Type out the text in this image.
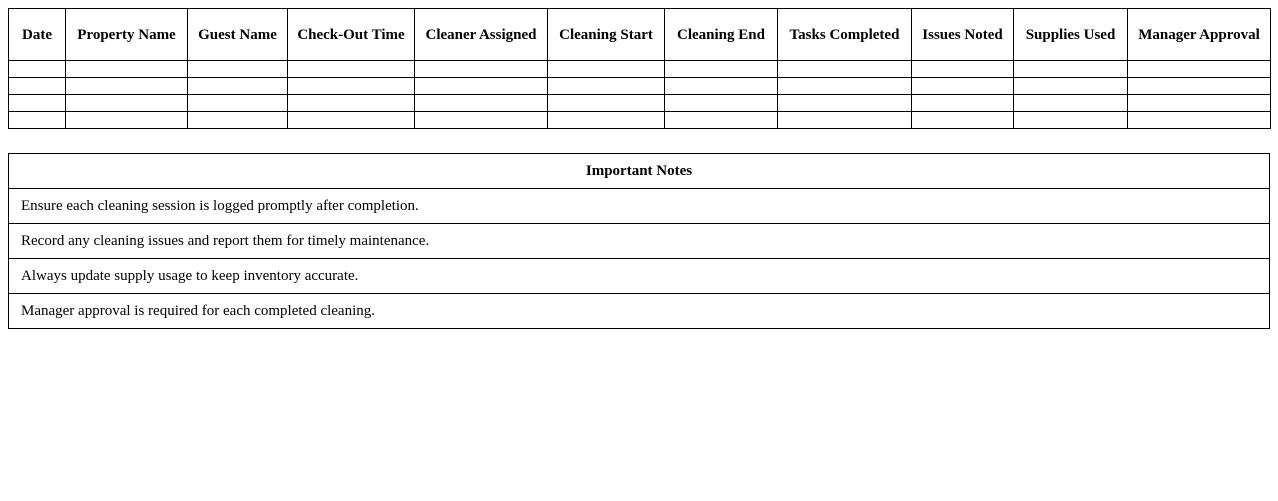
Date	Property Name	Guest Name	Check-Out Time	Cleaner Assigned	Cleaning Start	Cleaning End	Tasks Completed	Issues Noted	Supplies Used	Manager Approval

Important Notes
Ensure each cleaning session is logged promptly after completion.
Record any cleaning issues and report them for timely maintenance.
Always update supply usage to keep inventory accurate.
Manager approval is required for each completed cleaning.
